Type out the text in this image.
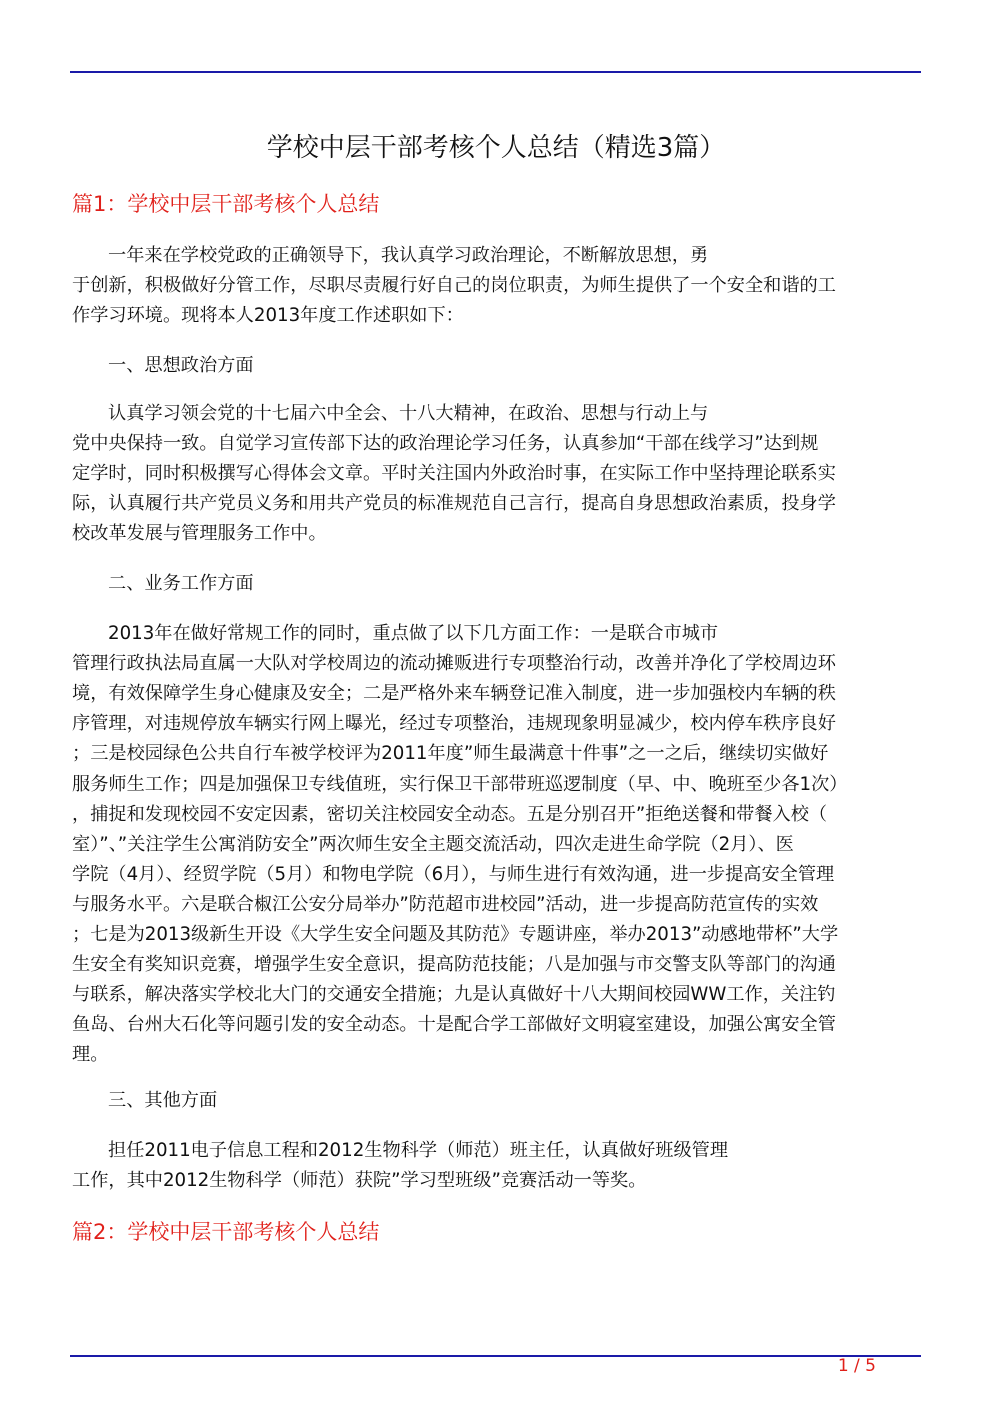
学校中层干部考核个人总结（精选3篇）
篇1：学校中层干部考核个人总结
一年来在学校党政的正确领导下，我认真学习政治理论，不断解放思想，勇
于创新，积极做好分管工作，尽职尽责履行好自己的岗位职责，为师生提供了一个安全和谐的工
作学习环境。现将本人2013年度工作述职如下：
一、思想政治方面
认真学习领会党的十七届六中全会、十八大精神，在政治、思想与行动上与
党中央保持一致。自觉学习宣传部下达的政治理论学习任务，认真参加“干部在线学习”达到规
定学时，同时积极撰写心得体会文章。平时关注国内外政治时事，在实际工作中坚持理论联系实
际，认真履行共产党员义务和用共产党员的标准规范自己言行，提高自身思想政治素质，投身学
校改革发展与管理服务工作中。
二、业务工作方面
2013年在做好常规工作的同时，重点做了以下几方面工作：一是联合市城市
管理行政执法局直属一大队对学校周边的流动摊贩进行专项整治行动，改善并净化了学校周边环
境，有效保障学生身心健康及安全；二是严格外来车辆登记准入制度，进一步加强校内车辆的秩
序管理，对违规停放车辆实行网上曝光，经过专项整治，违规现象明显减少，校内停车秩序良好
；三是校园绿色公共自行车被学校评为2011年度”师生最满意十件事”之一之后，继续切实做好
服务师生工作；四是加强保卫专线值班，实行保卫干部带班巡逻制度（早、中、晚班至少各1次）
，捕捉和发现校园不安定因素，密切关注校园安全动态。五是分别召开”拒绝送餐和带餐入校（
室）”、”关注学生公寓消防安全”两次师生安全主题交流活动，四次走进生命学院（2月）、医
学院（4月）、经贸学院（5月）和物电学院（6月），与师生进行有效沟通，进一步提高安全管理
与服务水平。六是联合椒江公安分局举办”防范超市进校园”活动，进一步提高防范宣传的实效
；七是为2013级新生开设《大学生安全问题及其防范》专题讲座，举办2013”动感地带杯”大学
生安全有奖知识竞赛，增强学生安全意识，提高防范技能；八是加强与市交警支队等部门的沟通
与联系，解决落实学校北大门的交通安全措施；九是认真做好十八大期间校园WW工作，关注钓
鱼岛、台州大石化等问题引发的安全动态。十是配合学工部做好文明寝室建设，加强公寓安全管
理。
三、其他方面
担任2011电子信息工程和2012生物科学（师范）班主任，认真做好班级管理
工作，其中2012生物科学（师范）获院”学习型班级”竞赛活动一等奖。
篇2：学校中层干部考核个人总结
1 / 5
